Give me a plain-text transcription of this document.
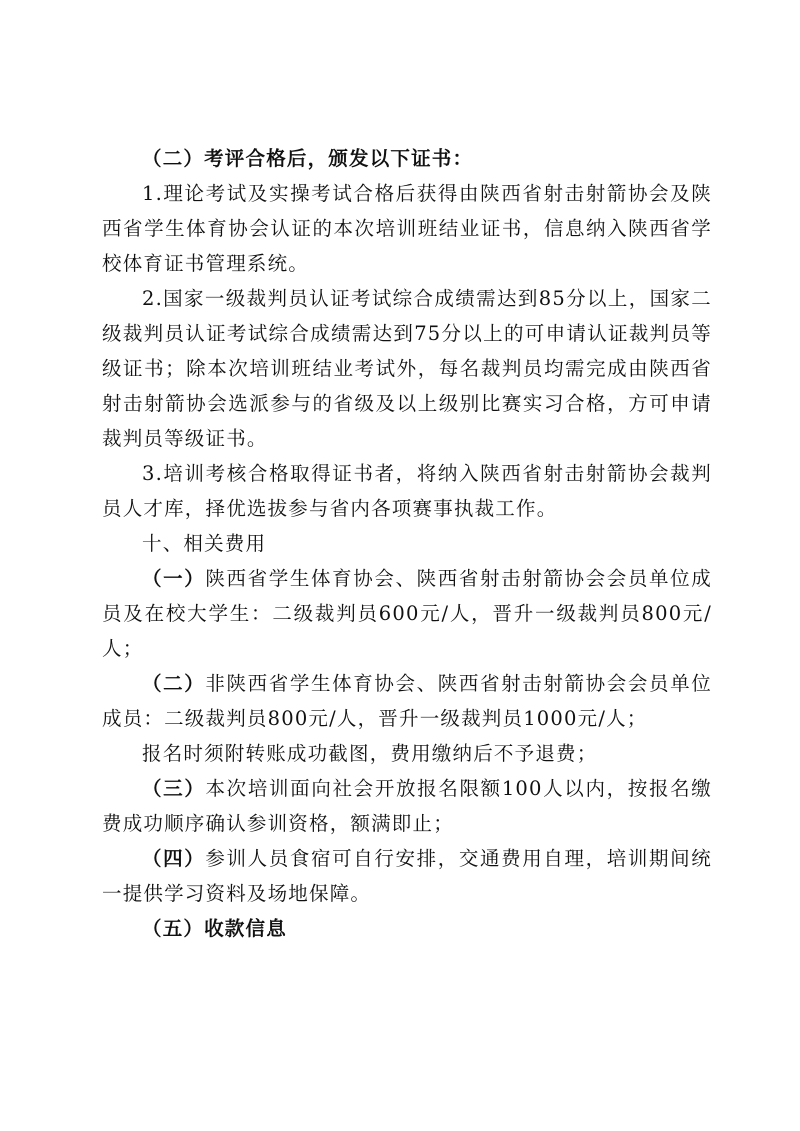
（二）考评合格后，颁发以下证书：

1.理论考试及实操考试合格后获得由陕西省射击射箭协会及陕西省学生体育协会认证的本次培训班结业证书，信息纳入陕西省学校体育证书管理系统。

2.国家一级裁判员认证考试综合成绩需达到85分以上，国家二级裁判员认证考试综合成绩需达到75分以上的可申请认证裁判员等级证书；除本次培训班结业考试外，每名裁判员均需完成由陕西省射击射箭协会选派参与的省级及以上级别比赛实习合格，方可申请裁判员等级证书。

3.培训考核合格取得证书者，将纳入陕西省射击射箭协会裁判员人才库，择优选拔参与省内各项赛事执裁工作。

十、相关费用

（一）陕西省学生体育协会、陕西省射击射箭协会会员单位成员及在校大学生：二级裁判员600元/人，晋升一级裁判员800元/人；

（二）非陕西省学生体育协会、陕西省射击射箭协会会员单位成员：二级裁判员800元/人，晋升一级裁判员1000元/人；

报名时须附转账成功截图，费用缴纳后不予退费；

（三）本次培训面向社会开放报名限额100人以内，按报名缴费成功顺序确认参训资格，额满即止；

（四）参训人员食宿可自行安排，交通费用自理，培训期间统一提供学习资料及场地保障。

（五）收款信息
